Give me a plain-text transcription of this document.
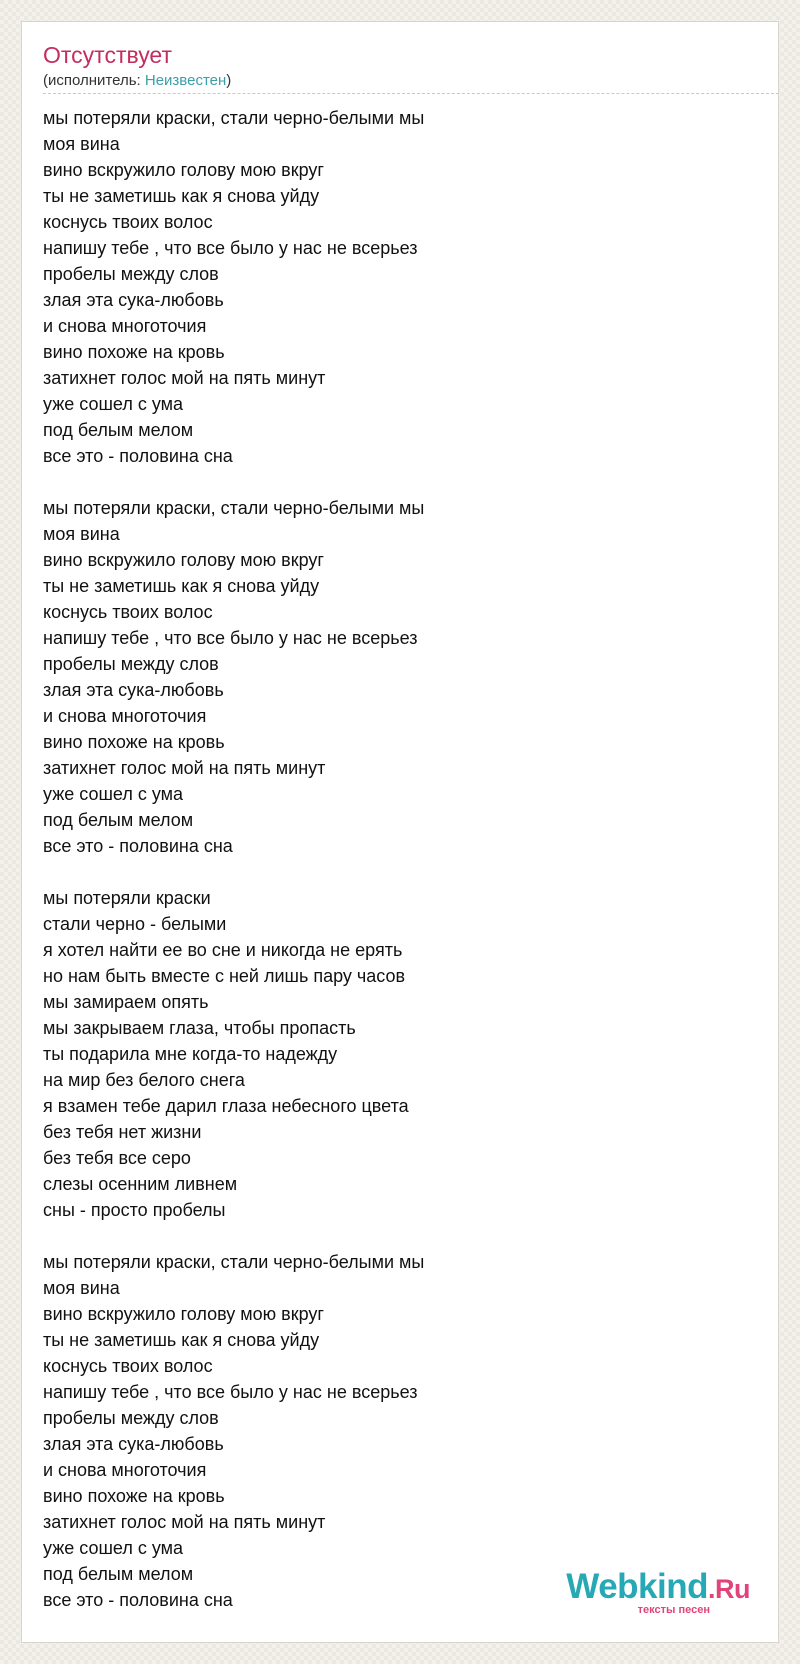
Отсутствует
(исполнитель: Неизвестен)
мы потеряли краски, стали черно-белыми мы
моя вина
вино вскружило голову мою вкруг
ты не заметишь как я снова уйду
коснусь твоих волос
напишу тебе , что все было у нас не всерьез
пробелы между слов
злая эта сука-любовь
и снова многоточия
вино похоже на кровь
затихнет голос мой на пять минут
уже сошел с ума
под белым мелом
все это - половина сна
мы потеряли краски, стали черно-белыми мы
моя вина
вино вскружило голову мою вкруг
ты не заметишь как я снова уйду
коснусь твоих волос
напишу тебе , что все было у нас не всерьез
пробелы между слов
злая эта сука-любовь
и снова многоточия
вино похоже на кровь
затихнет голос мой на пять минут
уже сошел с ума
под белым мелом
все это - половина сна
мы потеряли краски
стали черно - белыми
я хотел найти ее во сне и никогда не ерять
но нам быть вместе с ней лишь пару часов
мы замираем опять
мы закрываем глаза, чтобы пропасть
ты подарила мне когда-то надежду
на мир без белого снега
я взамен тебе дарил глаза небесного цвета
без тебя нет жизни
без тебя все серо
слезы осенним ливнем
сны - просто пробелы
мы потеряли краски, стали черно-белыми мы
моя вина
вино вскружило голову мою вкруг
ты не заметишь как я снова уйду
коснусь твоих волос
напишу тебе , что все было у нас не всерьез
пробелы между слов
злая эта сука-любовь
и снова многоточия
вино похоже на кровь
затихнет голос мой на пять минут
уже сошел с ума
под белым мелом
все это - половина сна	Webkind.Ru
тексты песен
